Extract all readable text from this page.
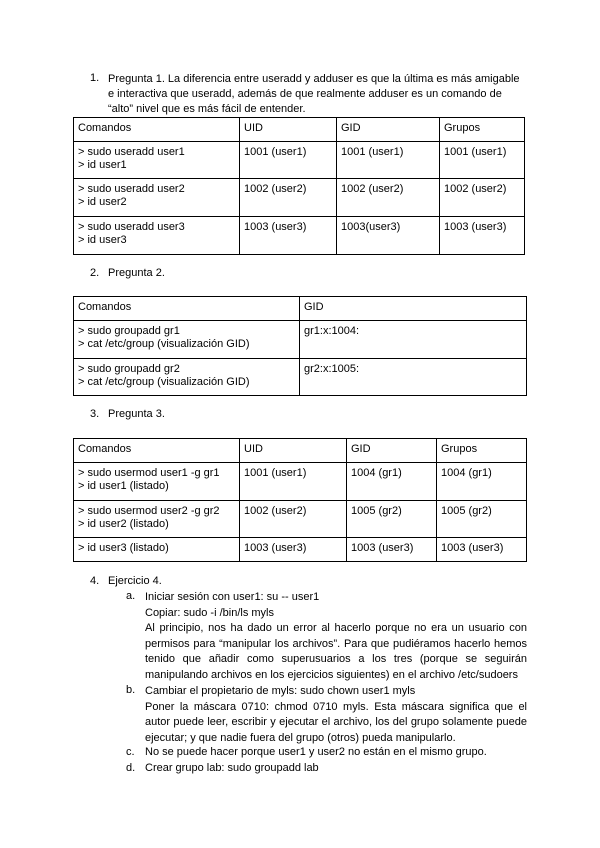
1. Pregunta 1. La diferencia entre useradd y adduser es que la última es más amigable
e interactiva que useradd, además de que realmente adduser es un comando de
“alto” nivel que es más fácil de entender.
Comandos	UID	GID	Grupos

> sudo useradd user1
> id user1	1001 (user1)	1001 (user1)	1001 (user1)

> sudo useradd user2
> id user2	1002 (user2)	1002 (user2)	1002 (user2)

> sudo useradd user3
> id user3	1003 (user3)	1003(user3)	1003 (user3)
2. Pregunta 2.
Comandos	GID

> sudo groupadd gr1
> cat /etc/group (visualización GID)	gr1:x:1004:

> sudo groupadd gr2
> cat /etc/group (visualización GID)	gr2:x:1005:
3. Pregunta 3.
Comandos	UID	GID	Grupos

> sudo usermod user1 -g gr1
> id user1 (listado)	1001 (user1)	1004 (gr1)	1004 (gr1)

> sudo usermod user2 -g gr2
> id user2 (listado)	1002 (user2)	1005 (gr2)	1005 (gr2)

> id user3 (listado)	1003 (user3)	1003 (user3)	1003 (user3)
4. Ejercicio 4.
a. Iniciar sesión con user1: su -- user1
Copiar: sudo -i /bin/ls myls
Al principio, nos ha dado un error al hacerlo porque no era un usuario con
permisos para “manipular los archivos”. Para que pudiéramos hacerlo hemos
tenido que añadir como superusuarios a los tres (porque se seguirán
manipulando archivos en los ejercicios siguientes) en el archivo /etc/sudoers
b. Cambiar el propietario de myls: sudo chown user1 myls
Poner la máscara 0710: chmod 0710 myls. Esta máscara significa que el
autor puede leer, escribir y ejecutar el archivo, los del grupo solamente puede
ejecutar; y que nadie fuera del grupo (otros) pueda manipularlo.
c. No se puede hacer porque user1 y user2 no están en el mismo grupo.
d. Crear grupo lab: sudo groupadd lab
